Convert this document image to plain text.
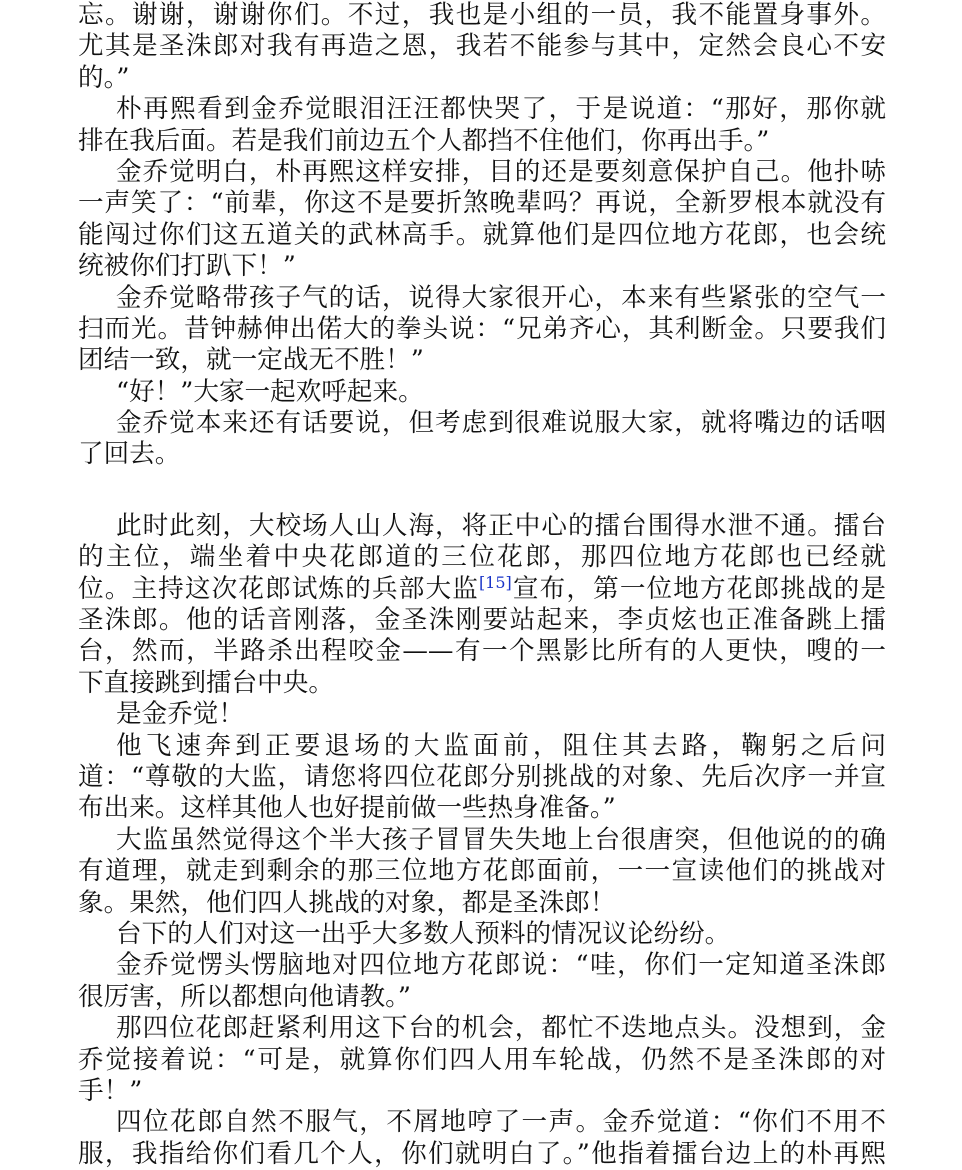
忘。谢谢，谢谢你们。不过，我也是小组的一员，我不能置身事外。
尤其是圣洙郎对我有再造之恩，我若不能参与其中，定然会良心不安
的。”
朴再熙看到金乔觉眼泪汪汪都快哭了，于是说道：“那好，那你就
排在我后面。若是我们前边五个人都挡不住他们，你再出手。”
金乔觉明白，朴再熙这样安排，目的还是要刻意保护自己。他扑哧
一声笑了：“前辈，你这不是要折煞晚辈吗？再说，全新罗根本就没有
能闯过你们这五道关的武林高手。就算他们是四位地方花郎，也会统
统被你们打趴下！”
金乔觉略带孩子气的话，说得大家很开心，本来有些紧张的空气一
扫而光。昔钟赫伸出偌大的拳头说：“兄弟齐心，其利断金。只要我们
团结一致，就一定战无不胜！”
“好！”大家一起欢呼起来。
金乔觉本来还有话要说，但考虑到很难说服大家，就将嘴边的话咽
了回去。
此时此刻，大校场人山人海，将正中心的擂台围得水泄不通。擂台
的主位，端坐着中央花郎道的三位花郎，那四位地方花郎也已经就
位。主持这次花郎试炼的兵部大监[15]宣布，第一位地方花郎挑战的是
圣洙郎。他的话音刚落，金圣洙刚要站起来，李贞炫也正准备跳上擂
台，然而，半路杀出程咬金——有一个黑影比所有的人更快，嗖的一
下直接跳到擂台中央。
是金乔觉！
他飞速奔到正要退场的大监面前，阻住其去路，鞠躬之后问
道：“尊敬的大监，请您将四位花郎分别挑战的对象、先后次序一并宣
布出来。这样其他人也好提前做一些热身准备。”
大监虽然觉得这个半大孩子冒冒失失地上台很唐突，但他说的的确
有道理，就走到剩余的那三位地方花郎面前，一一宣读他们的挑战对
象。果然，他们四人挑战的对象，都是圣洙郎！
台下的人们对这一出乎大多数人预料的情况议论纷纷。
金乔觉愣头愣脑地对四位地方花郎说：“哇，你们一定知道圣洙郎
很厉害，所以都想向他请教。”
那四位花郎赶紧利用这下台的机会，都忙不迭地点头。没想到，金
乔觉接着说：“可是，就算你们四人用车轮战，仍然不是圣洙郎的对
手！”
四位花郎自然不服气，不屑地哼了一声。金乔觉道：“你们不用不
服，我指给你们看几个人，你们就明白了。”他指着擂台边上的朴再熙
